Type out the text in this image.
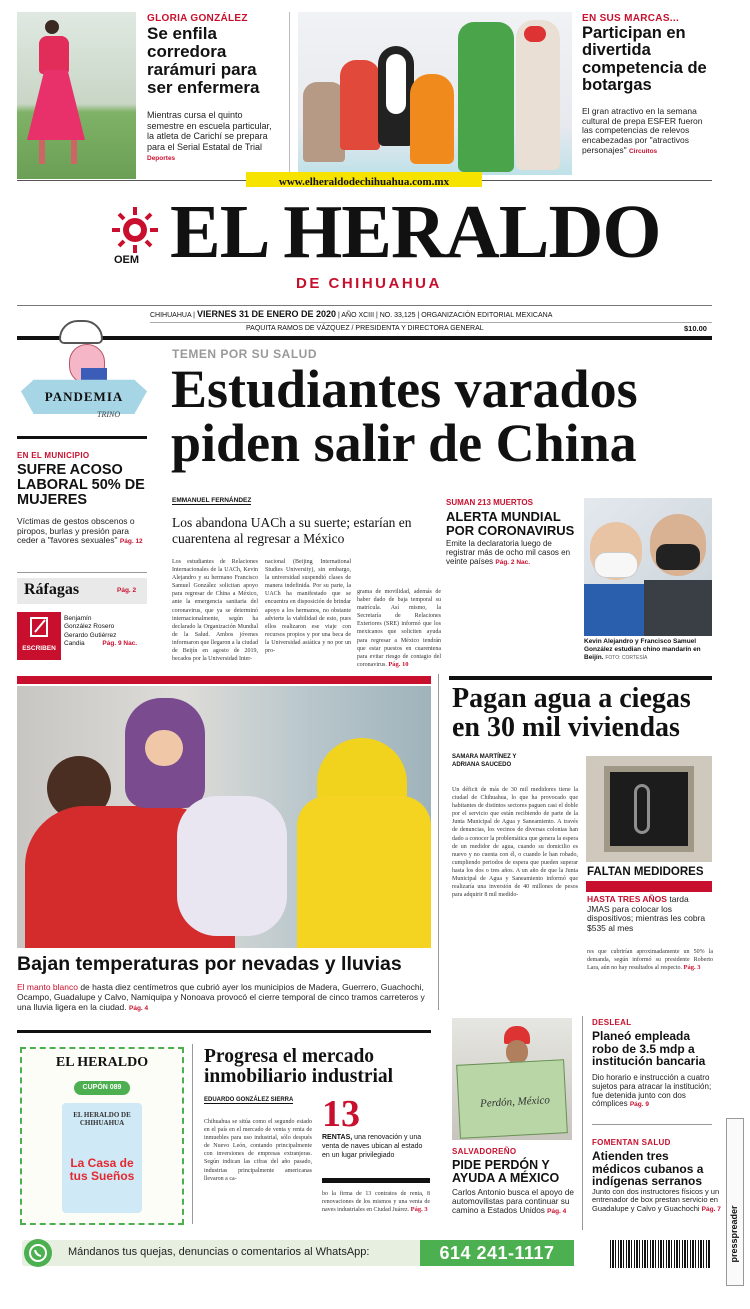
GLORIA GONZÁLEZ
Se enfila corredora rarámuri para ser enfermera
Mientras cursa el quinto semestre en escuela particular, la atleta de Carichí se prepara para el Serial Estatal de Trial Deportes
EN SUS MARCAS...
Participan en divertida competencia de botargas
El gran atractivo en la semana cultural de prepa ESFER fueron las competencias de relevos encabezadas por "atractivos personajes" Circuitos
www.elheraldodechihuahua.com.mx
OEM EL HERALDO
DE CHIHUAHUA
CHIHUAHUA | VIERNES 31 DE ENERO DE 2020 | AÑO XCIII | NO. 33,125 | ORGANIZACIÓN EDITORIAL MEXICANA
PAQUITA RAMOS DE VÁZQUEZ / PRESIDENTA Y DIRECTORA GENERAL	$10.00
PANDEMIA
TRINO
TEMEN POR SU SALUD
Estudiantes varados piden salir de China
EN EL MUNICIPIO
SUFRE ACOSO LABORAL 50% DE MUJERES
Víctimas de gestos obscenos o piropos, burlas y presión para ceder a "favores sexuales" Pág. 12
Ráfagas	Pág. 2
ESCRIBEN
Benjamín
González Rosero
Gerardo Gutiérrez
Candia	Pág. 9 Nac.
EMMANUEL FERNÁNDEZ
Los abandona UACh a su suerte; estarían en cuarentena al regresar a México
Los estudiantes de Relaciones Internacionales de la UACh, Kevin Alejandro y su hermano Francisco Samuel González solicitan apoyo para regresar de China a México, ante la emergencia sanitaria del coronavirus, que ya se determinó internacionalmente, según ha declarado la Organización Mundial de la Salud. Ambos jóvenes informaron que llegaron a la ciudad de Beijín en agosto de 2019, becados por la Universidad Inter-
nacional (Beijing International Studies University), sin embargo, la universidad suspendió clases de manera indefinida. Por su parte, la UACh ha manifestado que se encuentra en disposición de brindar apoyo a los hermanos, no obstante advierte la viabilidad de esto, pues ellos realizaron ese viaje con recursos propios y por una beca de la Universidad asiática y no por un pro-
grama de movilidad, además de haber dado de baja temporal su matrícula. Así mismo, la Secretaría de Relaciones Exteriores (SRE) informó que los mexicanos que soliciten ayuda para regresar a México tendrán que estar puestos en cuarentena para evitar riesgo de contagio del coronavirus. Pág. 10
SUMAN 213 MUERTOS
ALERTA MUNDIAL POR CORONAVIRUS
Emite la declaratoria luego de registrar más de ocho mil casos en veinte países Pág. 2 Nac.
Kevin Alejandro y Francisco Samuel González estudian chino mandarín en Beijín. FOTO: CORTESÍA
Bajan temperaturas por nevadas y lluvias
El manto blanco de hasta diez centímetros que cubrió ayer los municipios de Madera, Guerrero, Guachochi, Ocampo, Guadalupe y Calvo, Namiquipa y Nonoava provocó el cierre temporal de cinco tramos carreteros y una lluvia ligera en la ciudad. Pág. 4
Pagan agua a ciegas en 30 mil viviendas
SAMARA MARTÍNEZ Y ADRIANA SAUCEDO
Un déficit de más de 30 mil medidores tiene la ciudad de Chihuahua, lo que ha provocado que habitantes de distintos sectores paguen casi el doble por el servicio que están recibiendo de parte de la Junta Municipal de Agua y Saneamiento. A través de denuncias, los vecinos de diversas colonias han dado a conocer la problemática que genera la espera de un medidor de agua, cuando su domicilio es nuevo y no cuenta con él, o cuando le han robado, cumpliendo periodos de espera que pueden superar hasta los dos o tres años. A un año de que la Junta Municipal de Agua y Saneamiento informó que realizaría una inversión de 40 millones de pesos para adquirir 8 mil medido-
FALTAN MEDIDORES
HASTA TRES AÑOS tarda JMAS para colocar los dispositivos; mientras les cobra $535 al mes
res que cubrirían aproximadamente un 50% la demanda, según informó su presidente Roberto Lara, aún no hay resultados al respecto. Pág. 3
EL HERALDO
CUPÓN 089
EL HERALDO DE CHIHUAHUA
La Casa de tus Sueños
Progresa el mercado inmobiliario industrial
EDUARDO GONZÁLEZ SIERRA
Chihuahua se sitúa como el segundo estado en el país en el mercado de venta y renta de inmuebles para uso industrial, sólo después de Nuevo León, contando principalmente con inversiones de empresas extranjeras. Según indican las cifras del año pasado, industrias principalmente americanas llevaron a ca-
13
RENTAS, una renovación y una venta de naves ubican al estado en un lugar privilegiado
bo la firma de 13 contratos de renta, 8 renovaciones de los mismos y una venta de naves industriales en Ciudad Juárez. Pág. 3
Perdón, México
SALVADOREÑO
PIDE PERDÓN Y AYUDA A MÉXICO
Carlos Antonio busca el apoyo de automovilistas para continuar su camino a Estados Unidos Pág. 4
DESLEAL
Planeó empleada robo de 3.5 mdp a institución bancaria
Dio horario e instrucción a cuatro sujetos para atracar la institución; fue detenida junto con dos cómplices Pág. 9
FOMENTAN SALUD
Atienden tres médicos cubanos a indígenas serranos
Junto con dos instructores físicos y un entrenador de box prestan servicio en Guadalupe y Calvo y Guachochi Pág. 7 presspreader
Mándanos tus quejas, denuncias o comentarios al WhatsApp:	614 241-1117
